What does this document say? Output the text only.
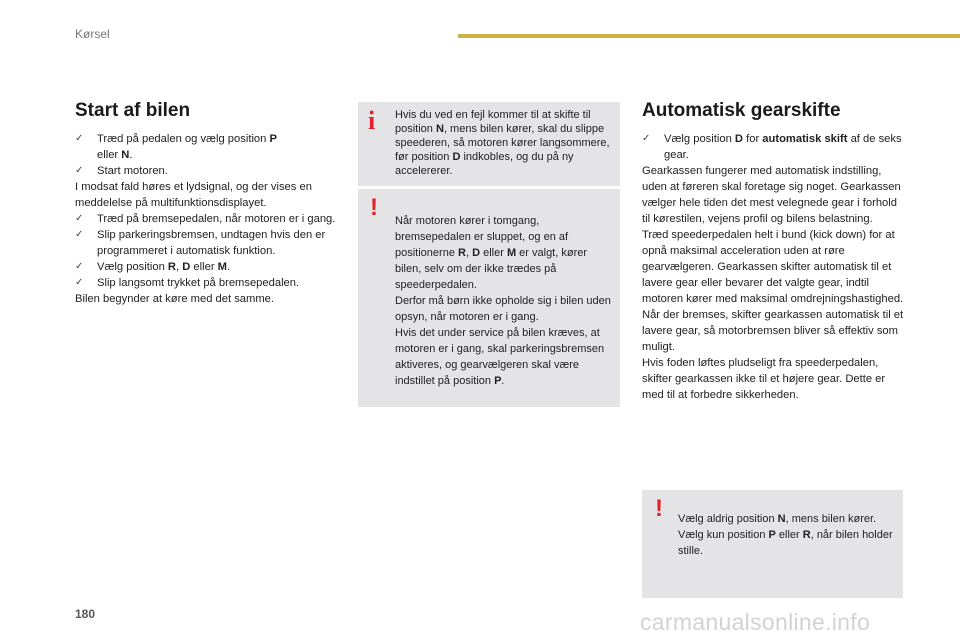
Kørsel
Start af bilen
✓	Træd på pedalen og vælg position P
eller N.
✓	Start motoren.
I modsat fald høres et lydsignal, og der vises en meddelelse på multifunktionsdisplayet.
✓	Træd på bremsepedalen, når motoren er i gang.
✓	Slip parkeringsbremsen, undtagen hvis den er programmeret i automatisk funktion.
✓	Vælg position R, D eller M.
✓	Slip langsomt trykket på bremsepedalen.
Bilen begynder at køre med det samme.
i Hvis du ved en fejl kommer til at skifte til position N, mens bilen kører, skal du slippe speederen, så motoren kører langsommere, før position D indkobles, og du på ny accelererer.
! Når motoren kører i tomgang, bremsepedalen er sluppet, og en af positionerne R, D eller M er valgt, kører bilen, selv om der ikke trædes på speederpedalen.
Derfor må børn ikke opholde sig i bilen uden opsyn, når motoren er i gang.
Hvis det under service på bilen kræves, at motoren er i gang, skal parkeringsbremsen aktiveres, og gearvælgeren skal være indstillet på position P.

Automatisk gearskifte
✓	Vælg position D for automatisk skift af de seks gear.
Gearkassen fungerer med automatisk indstilling, uden at føreren skal foretage sig noget. Gearkassen vælger hele tiden det mest velegnede gear i forhold til kørestilen, vejens profil og bilens belastning.
Træd speederpedalen helt i bund (kick down) for at opnå maksimal acceleration uden at røre gearvælgeren. Gearkassen skifter automatisk til et lavere gear eller bevarer det valgte gear, indtil motoren kører med maksimal omdrejningshastighed.
Når der bremses, skifter gearkassen automatisk til et lavere gear, så motorbremsen bliver så effektiv som muligt.
Hvis foden løftes pludseligt fra speederpedalen, skifter gearkassen ikke til et højere gear. Dette er med til at forbedre sikkerheden.
! Vælg aldrig position N, mens bilen kører.
Vælg kun position P eller R, når bilen holder stille.

180	carmanualsonline.info
